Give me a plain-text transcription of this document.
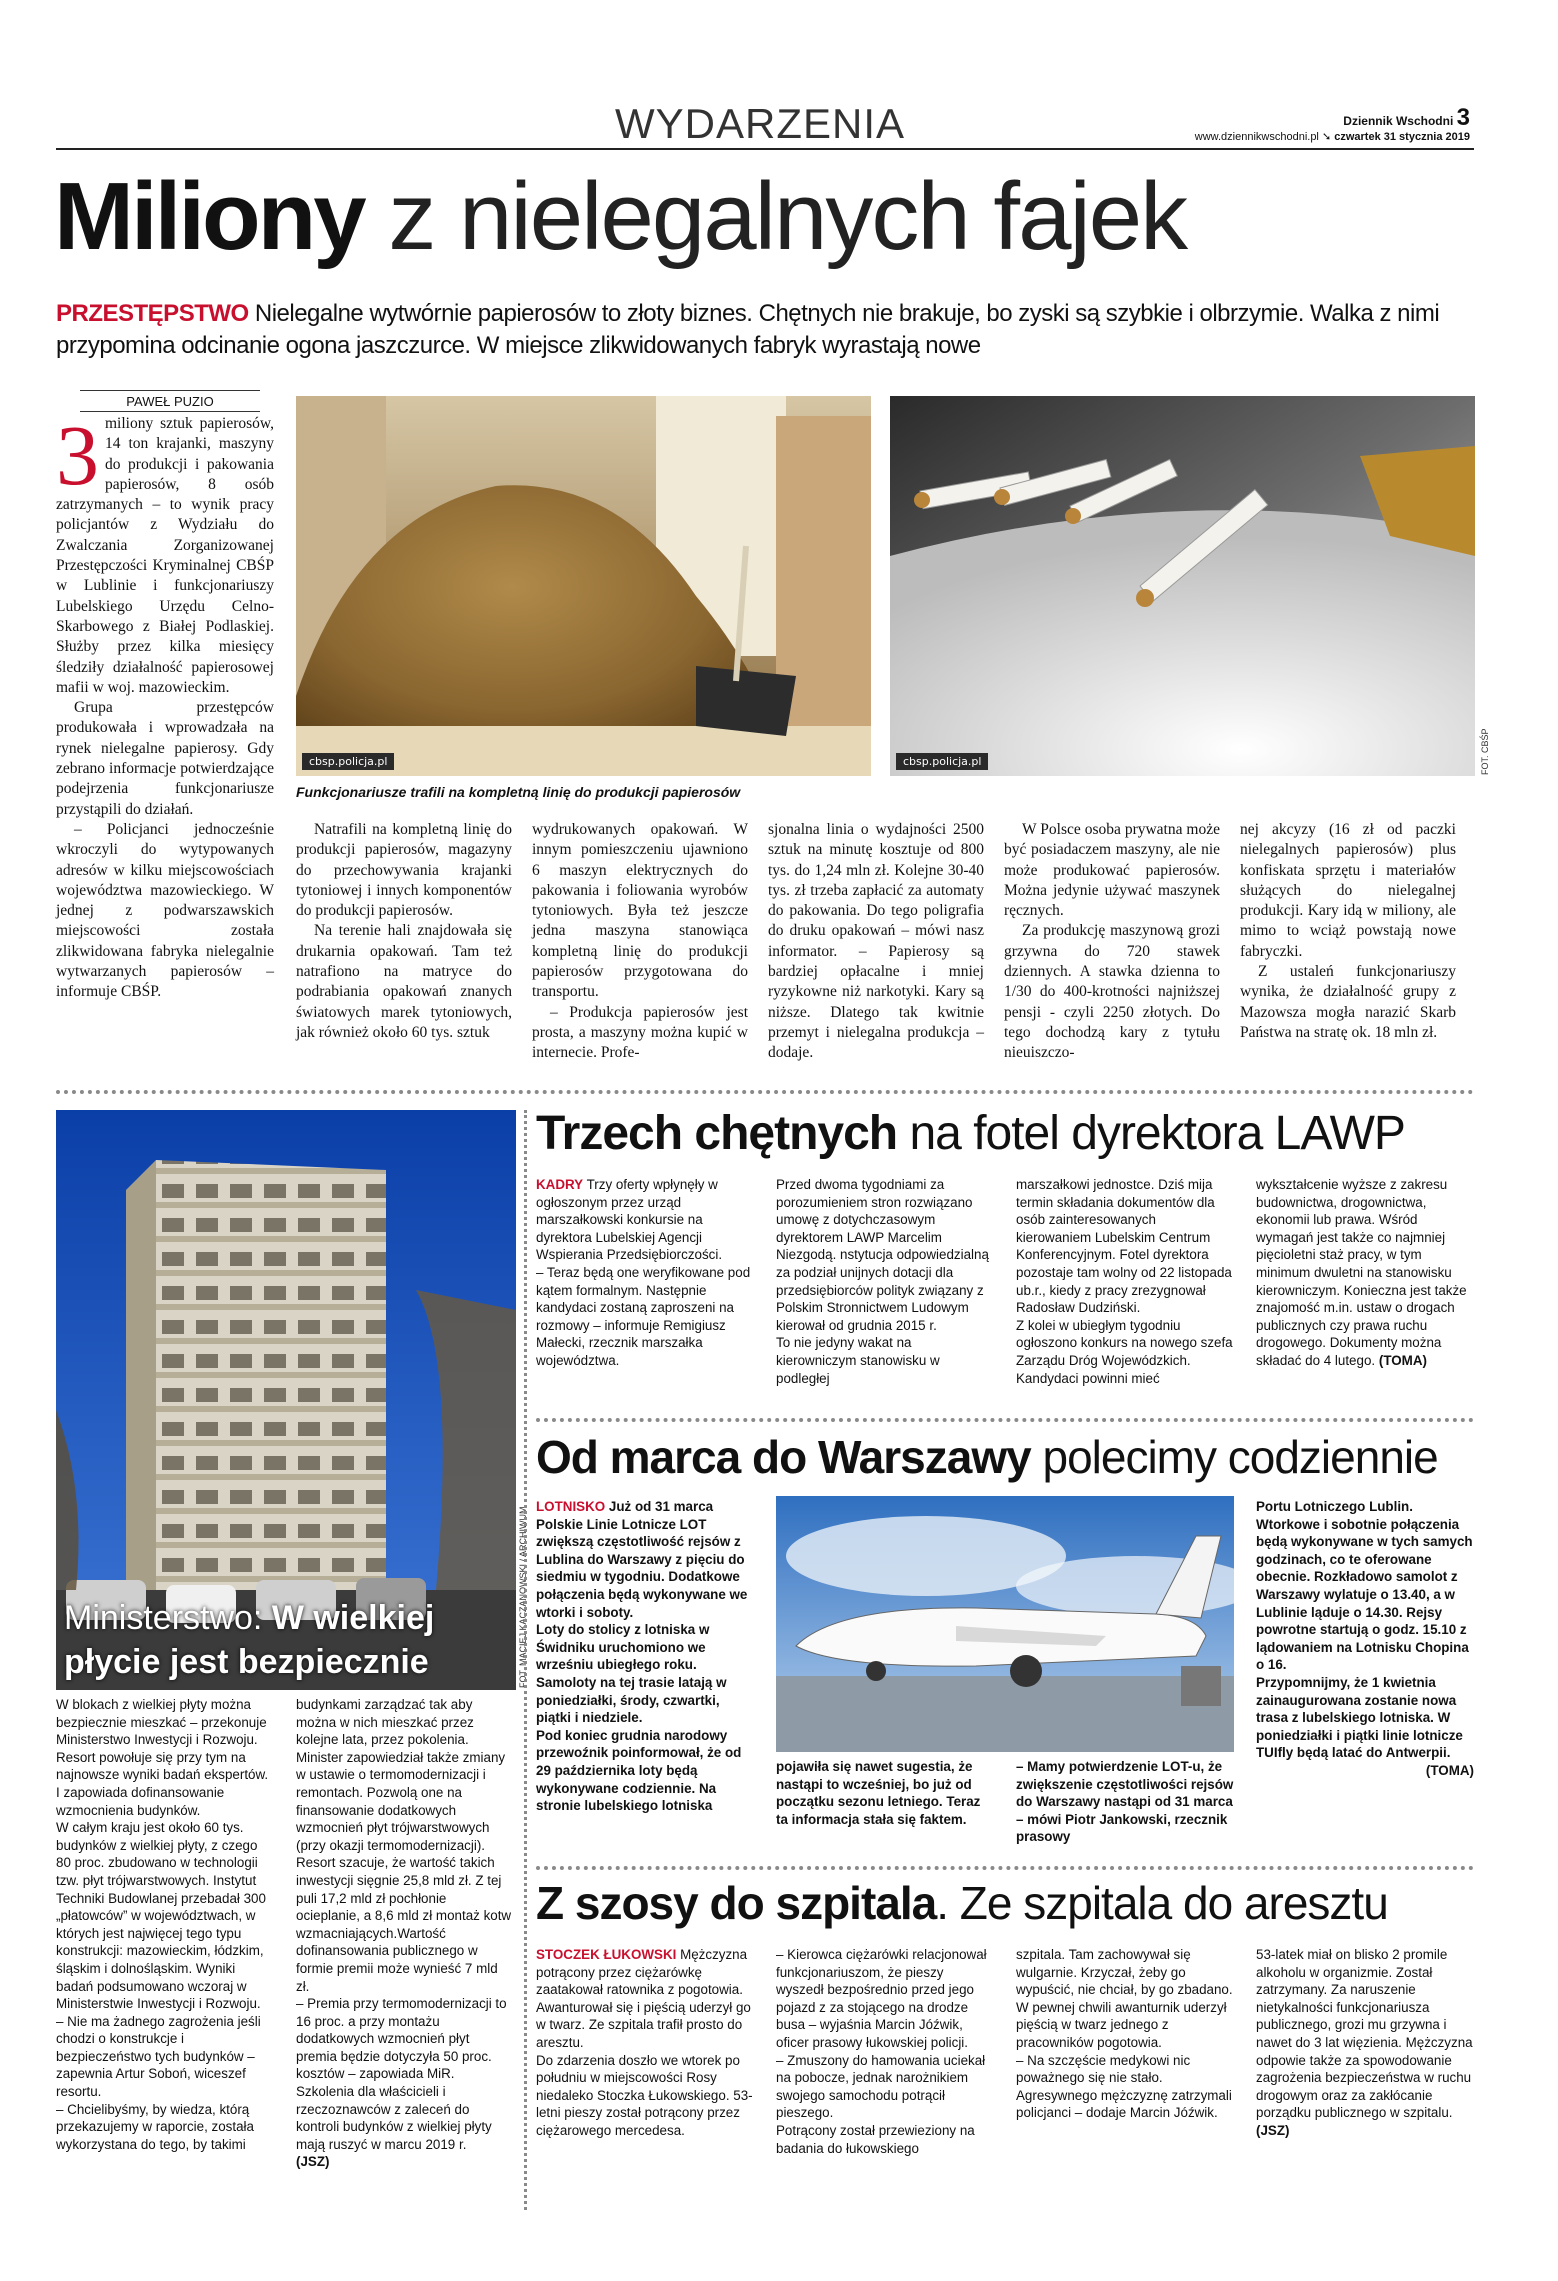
WYDARZENIA	Dziennik Wschodni 3
www.dziennikwschodni.pl ➘ czwartek 31 stycznia 2019
Miliony z nielegalnych fajek
PRZESTĘPSTWO Nielegalne wytwórnie papierosów to złoty biznes. Chętnych nie brakuje, bo zyski są szybkie i olbrzymie. Walka z nimi przypomina odcinanie ogona jaszczurce. W miejsce zlikwidowanych fabryk wyrastają nowe
PAWEŁ PUZIO
3 miliony sztuk papierosów, 14 ton krajanki, maszyny do produkcji i pakowania papierosów, 8 osób zatrzymanych – to wynik pracy policjantów z Wydziału do Zwalczania Zorganizowanej Przestępczości Kryminalnej CBŚP w Lublinie i funkcjonariuszy Lubelskiego Urzędu Celno-Skarbowego z Białej Podlaskiej. Służby przez kilka miesięcy śledziły działalność papierosowej mafii w woj. mazowieckim.

Grupa przestępców produkowała i wprowadzała na rynek nielegalne papierosy. Gdy zebrano informacje potwierdzające podejrzenia funkcjonariusze przystąpili do działań.

– Policjanci jednocześnie wkroczyli do wytypowanych adresów w kilku miejscowościach województwa mazowieckiego. W jednej z podwarszawskich miejscowości została zlikwidowana fabryka nielegalnie wytwarzanych papierosów – informuje CBŚP.

cbsp.policja.pl	cbsp.policja.pl	FOT. CBŚP
Funkcjonariusze trafili na kompletną linię do produkcji papierosów

Natrafili na kompletną linię do produkcji papierosów, magazyny do przechowywania krajanki tytoniowej i innych komponentów do produkcji papierosów.

Na terenie hali znajdowała się drukarnia opakowań. Tam też natrafiono na matryce do podrabiania opakowań znanych światowych marek tytoniowych, jak również około 60 tys. sztuk

wydrukowanych opakowań. W innym pomieszczeniu ujawniono 6 maszyn elektrycznych do pakowania i foliowania wyrobów tytoniowych. Była też jeszcze jedna maszyna stanowiąca kompletną linię do produkcji papierosów przygotowana do transportu.

– Produkcja papierosów jest prosta, a maszyny można kupić w internecie. Profe-

sjonalna linia o wydajności 2500 sztuk na minutę kosztuje od 800 tys. do 1,24 mln zł. Kolejne 30-40 tys. zł trzeba zapłacić za automaty do pakowania. Do tego poligrafia do druku opakowań – mówi nasz informator. – Papierosy są bardziej opłacalne i mniej ryzykowne niż narkotyki. Kary są niższe. Dlatego tak kwitnie przemyt i nielegalna produkcja – dodaje.

W Polsce osoba prywatna może być posiadaczem maszyny, ale nie może produkować papierosów. Można jedynie używać maszynek ręcznych.

Za produkcję maszynową grozi grzywna do 720 stawek dziennych. A stawka dzienna to 1/30 do 400-krotności najniższej pensji - czyli 2250 złotych. Do tego dochodzą kary z tytułu nieuiszczo-

nej akcyzy (16 zł od paczki nielegalnych papierosów) plus konfiskata sprzętu i materiałów służących do nielegalnej produkcji. Kary idą w miliony, ale mimo to wciąż powstają nowe fabryczki.

Z ustaleń funkcjonariuszy wynika, że działalność grupy z Mazowsza mogła narazić Skarb Państwa na stratę ok. 18 mln zł.

Ministerstwo: W wielkiej
płycie jest bezpiecznie	FOT. MACIEJ KACZANOWSKI / ARCHIWUM
W blokach z wielkiej płyty można bezpiecznie mieszkać – przekonuje Ministerstwo Inwestycji i Rozwoju. Resort powołuje się przy tym na najnowsze wyniki badań ekspertów. I zapowiada dofinansowanie wzmocnienia budynków.
W całym kraju jest około 60 tys. budynków z wielkiej płyty, z czego 80 proc. zbudowano w technologii tzw. płyt trójwarstwowych. Instytut Techniki Budowlanej przebadał 300 „płatowców” w województwach, w których jest najwięcej tego typu konstrukcji: mazowieckim, łódzkim, śląskim i dolnośląskim. Wyniki badań podsumowano wczoraj w Ministerstwie Inwestycji i Rozwoju.
– Nie ma żadnego zagrożenia jeśli chodzi o konstrukcje i bezpieczeństwo tych budynków – zapewnia Artur Soboń, wiceszef resortu.
– Chcielibyśmy, by wiedza, którą przekazujemy w raporcie, została wykorzystana do tego, by takimi

budynkami zarządzać tak aby można w nich mieszkać przez kolejne lata, przez pokolenia. Minister zapowiedział także zmiany w ustawie o termomodernizacji i remontach. Pozwolą one na finansowanie dodatkowych wzmocnień płyt trójwarstwowych (przy okazji termomodernizacji). Resort szacuje, że wartość takich inwestycji sięgnie 25,8 mld zł. Z tej puli 17,2 mld zł pochłonie ocieplanie, a 8,6 mld zł montaż kotw wzmacniających.Wartość dofinansowania publicznego w formie premii może wynieść 7 mld zł.
– Premia przy termomodernizacji to 16 proc. a przy montażu dodatkowych wzmocnień płyt premia będzie dotyczyła 50 proc. kosztów – zapowiada MiR. Szkolenia dla właścicieli i rzeczoznawców z zaleceń do kontroli budynków z wielkiej płyty mają ruszyć w marcu 2019 r.

(JSZ)
Trzech chętnych na fotel dyrektora LAWP
KADRY Trzy oferty wpłynęły w ogłoszonym przez urząd marszałkowski konkursie na dyrektora Lubelskiej Agencji Wspierania Przedsiębiorczości.
– Teraz będą one weryfikowane pod kątem formalnym. Następnie kandydaci zostaną zaproszeni na rozmowy – informuje Remigiusz Małecki, rzecznik marszałka województwa.
Przed dwoma tygodniami za porozumieniem stron rozwiązano umowę z dotychczasowym dyrektorem LAWP Marcelim Niezgodą. nstytucja odpowiedzialną za podział unijnych dotacji dla przedsiębiorców polityk związany z Polskim Stronnictwem Ludowym kierował od grudnia 2015 r.
To nie jedyny wakat na kierowniczym stanowisku w podległej
marszałkowi jednostce. Dziś mija termin składania dokumentów dla osób zainteresowanych kierowaniem Lubelskim Centrum Konferencyjnym. Fotel dyrektora pozostaje tam wolny od 22 listopada ub.r., kiedy z pracy zrezygnował Radosław Dudziński.
Z kolei w ubiegłym tygodniu ogłoszono konkurs na nowego szefa Zarządu Dróg Wojewódzkich. Kandydaci powinni mieć
wykształcenie wyższe z zakresu budownictwa, drogownictwa, ekonomii lub prawa. Wśród wymagań jest także co najmniej pięcioletni staż pracy, w tym minimum dwuletni na stanowisku kierowniczym. Konieczna jest także znajomość m.in. ustaw o drogach publicznych czy prawa ruchu drogowego. Dokumenty można składać do 4 lutego. (TOMA)
Od marca do Warszawy polecimy codziennie
LOTNISKO Już od 31 marca Polskie Linie Lotnicze LOT zwiększą częstotliwość rejsów z Lublina do Warszawy z pięciu do siedmiu w tygodniu. Dodatkowe połączenia będą wykonywane we wtorki i soboty.
Loty do stolicy z lotniska w Świdniku uruchomiono we wrześniu ubiegłego roku. Samoloty na tej trasie latają w poniedziałki, środy, czwartki, piątki i niedziele.
Pod koniec grudnia narodowy przewoźnik poinformował, że od 29 października loty będą wykonywane codziennie. Na stronie lubelskiego lotniska
pojawiła się nawet sugestia, że nastąpi to wcześniej, bo już od początku sezonu letniego. Teraz ta informacja stała się faktem.
– Mamy potwierdzenie LOT-u, że zwiększenie częstotliwości rejsów do Warszawy nastąpi od 31 marca – mówi Piotr Jankowski, rzecznik prasowy
Portu Lotniczego Lublin. Wtorkowe i sobotnie połączenia będą wykonywane w tych samych godzinach, co te oferowane obecnie. Rozkładowo samolot z Warszawy wylatuje o 13.40, a w Lublinie ląduje o 14.30. Rejsy powrotne startują o godz. 15.10 z lądowaniem na Lotnisku Chopina o 16.
Przypomnijmy, że 1 kwietnia zainaugurowana zostanie nowa trasa z lubelskiego lotniska. W poniedziałki i piątki linie lotnicze TUIfly będą latać do Antwerpii.
(TOMA)
Z szosy do szpitala. Ze szpitala do aresztu
STOCZEK ŁUKOWSKI Mężczyzna potrącony przez ciężarówkę zaatakował ratownika z pogotowia. Awanturował się i pięścią uderzył go w twarz. Ze szpitala trafił prosto do aresztu.
Do zdarzenia doszło we wtorek po południu w miejscowości Rosy niedaleko Stoczka Łukowskiego. 53-letni pieszy został potrącony przez ciężarowego mercedesa.
– Kierowca ciężarówki relacjonował funkcjonariuszom, że pieszy wyszedł bezpośrednio przed jego pojazd z za stojącego na drodze busa – wyjaśnia Marcin Jóźwik, oficer prasowy łukowskiej policji.
– Zmuszony do hamowania uciekał na pobocze, jednak narożnikiem swojego samochodu potrącił pieszego.
Potrącony został przewieziony na badania do łukowskiego
szpitala. Tam zachowywał się wulgarnie. Krzyczał, żeby go wypuścić, nie chciał, by go zbadano. W pewnej chwili awanturnik uderzył pięścią w twarz jednego z pracowników pogotowia.
– Na szczęście medykowi nic poważnego się nie stało. Agresywnego mężczyznę zatrzymali policjanci – dodaje Marcin Jóźwik.
53-latek miał on blisko 2 promile alkoholu w organizmie. Został zatrzymany. Za naruszenie nietykalności funkcjonariusza publicznego, grozi mu grzywna i nawet do 3 lat więzienia. Mężczyzna odpowie także za spowodowanie zagrożenia bezpieczeństwa w ruchu drogowym oraz za zakłócanie porządku publicznego w szpitalu. (JSZ)
